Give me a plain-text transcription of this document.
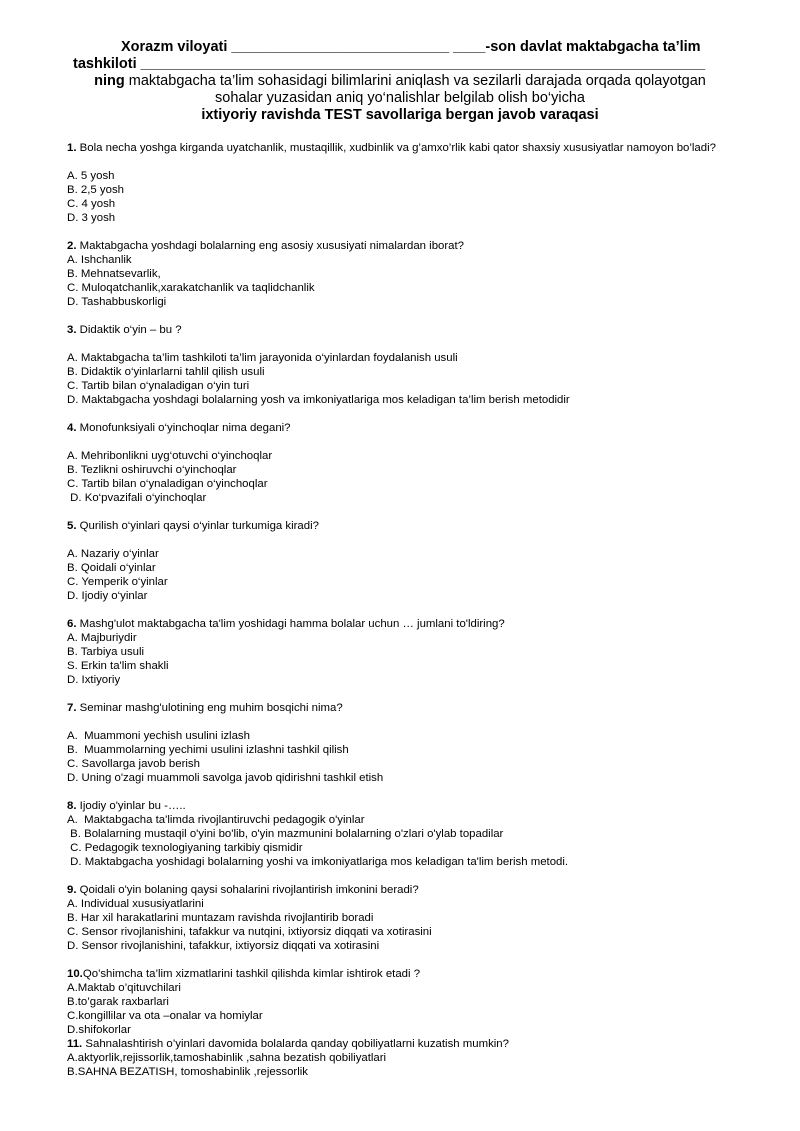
Xorazm viloyati ___________________________ ____-son davlat maktabgacha ta’lim
tashkiloti ______________________________________________________________________
ning maktabgacha ta’lim sohasidagi bilimlarini aniqlash va sezilarli darajada orqada qolayotgan
sohalar yuzasidan aniq yo‘nalishlar belgilab olish bo‘yicha
ixtiyoriy ravishda TEST savollariga bergan javob varaqasi

1. Bola necha yoshga kirganda uyatchanlik, mustaqillik, xudbinlik va g’amxo’rlik kabi qator shaxsiy xususiyatlar namoyon bo’ladi?

A. 5 yosh

B. 2,5 yosh

C. 4 yosh

D. 3 yosh

2. Maktabgacha yoshdagi bolalarning eng asosiy xususiyati nimalardan iborat?

A. Ishchanlik

B. Mehnatsevarlik,

C. Muloqatchanlik,xarakatchanlik va taqlidchanlik

D. Tashabbuskorligi

3. Didaktik o‘yin – bu ?

A. Maktabgacha ta’lim tashkiloti ta’lim jarayonida o‘yinlardan foydalanish usuli

B. Didaktik o‘yinlarlarni tahlil qilish usuli

C. Tartib bilan o‘ynaladigan o‘yin turi

D. Maktabgacha yoshdagi bolalarning yosh va imkoniyatlariga mos keladigan ta’lim berish metodidir

4. Monofunksiyali o‘yinchoqlar nima degani?

A. Mehribonlikni uyg‘otuvchi o‘yinchoqlar

B. Tezlikni oshiruvchi o‘yinchoqlar

C. Tartib bilan o‘ynaladigan o‘yinchoqlar

D. Ko‘pvazifali o‘yinchoqlar

5. Qurilish o‘yinlari qaysi o‘yinlar turkumiga kiradi?

A. Nazariy o‘yinlar

B. Qoidali o‘yinlar

C. Yemperik o‘yinlar

D. Ijodiy o‘yinlar

6. Mashg'ulot maktabgacha ta'lim yoshidagi hamma bolalar uchun … jumlani to'ldiring?

A. Majburiydir

B. Tarbiya usuli

S. Erkin ta'lim shakli

D. Ixtiyoriy

7. Seminar mashg'ulotining eng muhim bosqichi nima?

A.  Muammoni yechish usulini izlash

B.  Muammolarning yechimi usulini izlashni tashkil qilish

C. Savollarga javob berish

D. Uning o'zagi muammoli savolga javob qidirishni tashkil etish

8. Ijodiy o'yinlar bu -…..

A.  Maktabgacha ta'limda rivojlantiruvchi pedagogik o'yinlar

B. Bolalarning mustaqil o'yini bo'lib, o'yin mazmunini bolalarning o'zlari o'ylab topadilar

C. Pedagogik texnologiyaning tarkibiy qismidir

D. Maktabgacha yoshidagi bolalarning yoshi va imkoniyatlariga mos keladigan ta'lim berish metodi.

9. Qoidali o'yin bolaning qaysi sohalarini rivojlantirish imkonini beradi?

A. Individual xususiyatlarini

B. Har xil harakatlarini muntazam ravishda rivojlantirib boradi

C. Sensor rivojlanishini, tafakkur va nutqini, ixtiyorsiz diqqati va xotirasini

D. Sensor rivojlanishini, tafakkur, ixtiyorsiz diqqati va xotirasini

10.Qo’shimcha ta’lim xizmatlarini tashkil qilishda kimlar ishtirok etadi ?

A.Maktab o’qituvchilari

B.to’garak raxbarlari

C.kongillilar va ota –onalar va homiylar

D.shifokorlar

11. Sahnalashtirish o’yinlari davomida bolalarda qanday qobiliyatlarni kuzatish mumkin?

A.aktyorlik,rejissorlik,tamoshabinlik ,sahna bezatish qobiliyatlari

B.SAHNA BEZATISH, tomoshabinlik ,rejessorlik
